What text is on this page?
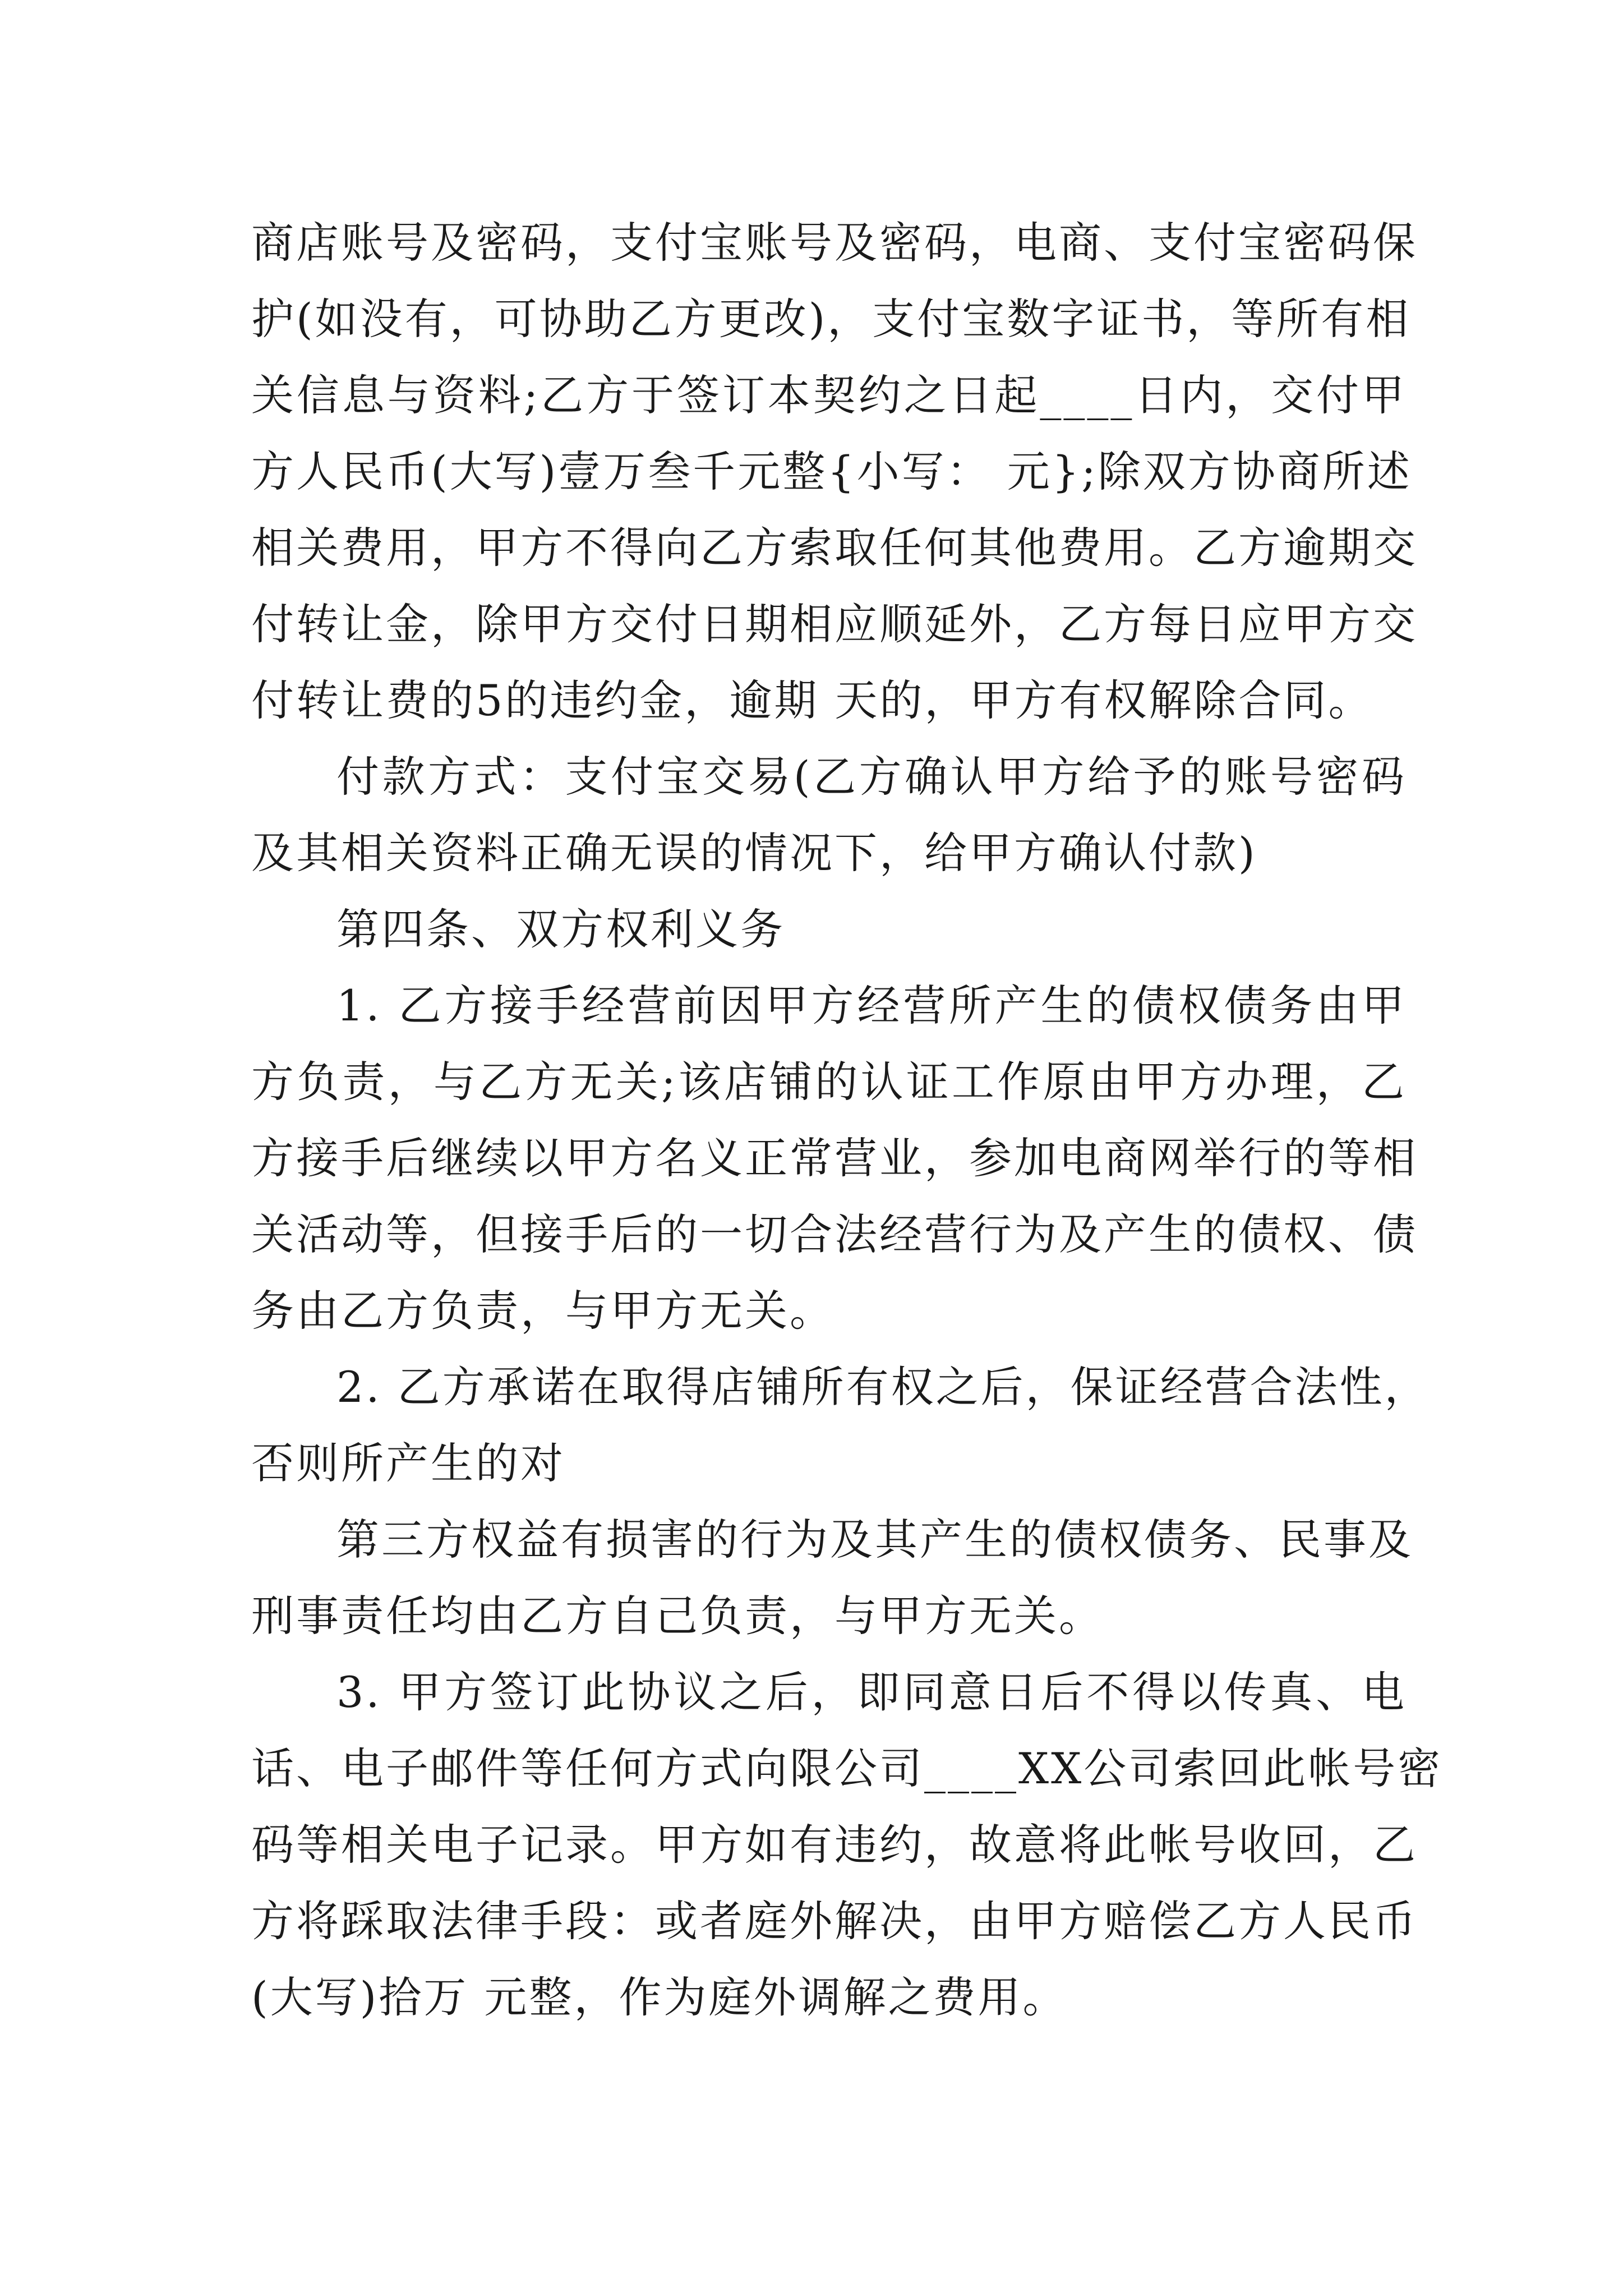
商店账号及密码，支付宝账号及密码，电商、支付宝密码保
护(如没有，可协助乙方更改)，支付宝数字证书，等所有相
关信息与资料;乙方于签订本契约之日起____日内，交付甲
方人民币(大写)壹万叁千元整{小写： 元};除双方协商所述
相关费用，甲方不得向乙方索取任何其他费用。乙方逾期交
付转让金，除甲方交付日期相应顺延外，乙方每日应甲方交
付转让费的5的违约金，逾期 天的，甲方有权解除合同。

付款方式：支付宝交易(乙方确认甲方给予的账号密码
及其相关资料正确无误的情况下，给甲方确认付款)

第四条、双方权利义务

1. 乙方接手经营前因甲方经营所产生的债权债务由甲
方负责，与乙方无关;该店铺的认证工作原由甲方办理，乙
方接手后继续以甲方名义正常营业，参加电商网举行的等相
关活动等，但接手后的一切合法经营行为及产生的债权、债
务由乙方负责，与甲方无关。

2. 乙方承诺在取得店铺所有权之后，保证经营合法性，
否则所产生的对

第三方权益有损害的行为及其产生的债权债务、民事及
刑事责任均由乙方自己负责，与甲方无关。

3. 甲方签订此协议之后，即同意日后不得以传真、电
话、电子邮件等任何方式向限公司____XX公司索回此帐号密
码等相关电子记录。甲方如有违约，故意将此帐号收回，乙
方将踩取法律手段：或者庭外解决，由甲方赔偿乙方人民币
(大写)拾万 元整，作为庭外调解之费用。
